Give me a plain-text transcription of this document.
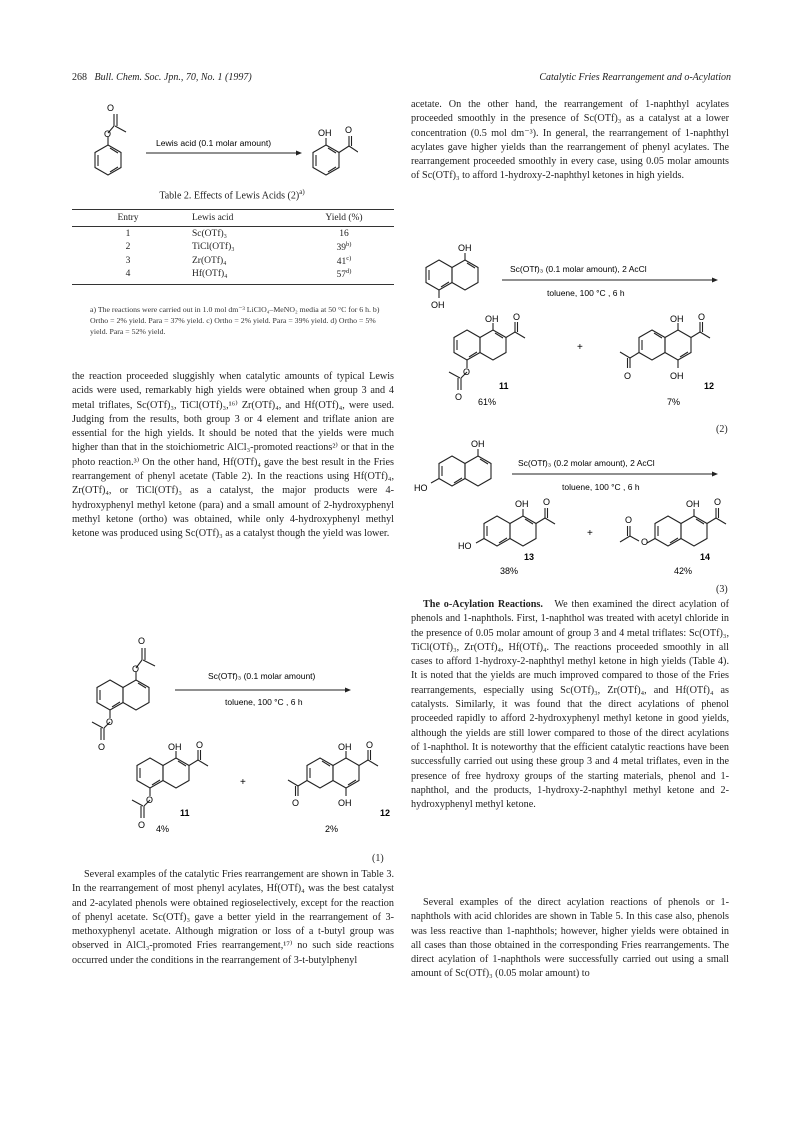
268 Bull. Chem. Soc. Jpn., 70, No. 1 (1997)	Catalytic Fries Rearrangement and o-Acylation
O
O
Lewis acid (0.1 molar amount)
OH O
Table 2. Effects of Lewis Acids $(2)^{a)}$
Entry	Lewis acid	Yield (%)
1	Sc(OTf)₃	16
2	TiCl(OTf)₃	39$^{b)}$
3	Zr(OTf)₄	41$^{c)}$
4	Hf(OTf)₄	57$^{d)}$
a) The reactions were carried out in 1.0 mol dm⁻³ LiClO₄–MeNO₂ media at 50 °C for 6 h. b) Ortho = 2% yield. Para = 37% yield. c) Ortho = 2% yield. Para = 39% yield. d) Ortho = 5% yield. Para = 52% yield.

the reaction proceeded sluggishly when catalytic amounts of typical Lewis acids were used, remarkably high yields were obtained when group 3 and 4 metal triflates, Sc(OTf)₃, TiCl(OTf)₃,¹⁶⁾ Zr(OTf)₄, and Hf(OTf)₄, were used. Judging from the results, both group 3 or 4 element and triflate anion are essential for the high yields. It should be noted that the yields were much higher than that in the stoichiometric AlCl₃-promoted reactions²⁾ or that in the photo reaction.³⁾ On the other hand, Hf(OTf)₄ gave the best result in the Fries rearrangement of phenyl acetate (Table 2). In the reactions using Hf(OTf)₄, Zr(OTf)₄, or TiCl(OTf)₃ as a catalyst, the major products were 4-hydroxyphenyl methyl ketone (para) and a small amount of 2-hydroxyphenyl methyl ketone (ortho) was obtained, while only 4-hydroxyphenyl methyl ketone was produced using Sc(OTf)₃ as a catalyst though the yield was lower.

O
O
O
O
Sc(OTf)₃ (0.1 molar amount)
toluene, 100 °C , 6 h
OH O
O
O
11
4%
+
OH O
O	OH
12
2%
(1)

Several examples of the catalytic Fries rearrangement are shown in Table 3. In the rearrangement of most phenyl acylates, Hf(OTf)₄ was the best catalyst and 2-acylated phenols were obtained regioselectively, except for the reaction of phenyl acetate. Sc(OTf)₃ gave a better yield in the rearrangement of 3-methoxyphenyl acetate. Although migration or loss of a t-butyl group was observed in AlCl₃-promoted Fries rearrangement,¹⁷⁾ no such side reactions occurred under the conditions in the rearrangement of 3-t-butylphenyl

acetate. On the other hand, the rearrangement of 1-naphthyl acylates proceeded smoothly in the presence of Sc(OTf)₃ as a catalyst at a lower concentration (0.5 mol dm⁻³). In general, the rearrangement of 1-naphthyl acylates gave higher yields than the rearrangement of phenyl acylates. The rearrangement proceeded smoothly in every case, using 0.05 molar amounts of Sc(OTf)₃ to afford 1-hydroxy-2-naphthyl ketones in high yields.

OH
OH
Sc(OTf)₃ (0.1 molar amount), 2 AcCl
toluene, 100 °C , 6 h
OH O
O
O
11
61%
+
OH O
O	OH
12
7%
(2)
OH
HO
Sc(OTf)₃ (0.2 molar amount), 2 AcCl
toluene, 100 °C , 6 h
OH O
HO
13
38%
+
OH O
O
O
14
42%
(3)

The o-Acylation Reactions. We then examined the direct acylation of phenols and 1-naphthols. First, 1-naphthol was treated with acetyl chloride in the presence of 0.05 molar amount of group 3 and 4 metal triflates: Sc(OTf)₃, TiCl(OTf)₃, Zr(OTf)₄, Hf(OTf)₄. The reactions proceeded smoothly in all cases to afford 1-hydroxy-2-naphthyl methyl ketone in high yields (Table 4). It is noted that the yields are much improved compared to those of the Fries rearrangements, especially using Sc(OTf)₃, Zr(OTf)₄, and Hf(OTf)₄ as catalysts. Similarly, it was found that the direct acylations of phenol proceeded rapidly to afford 2-hydroxyphenyl methyl ketone in good yields, although the yields are still lower compared to those of the direct acylations of 1-naphthol. It is noteworthy that the efficient catalytic reactions have been successfully carried out using these group 3 and 4 metal triflates, even in the presence of free hydroxy groups of the starting materials, phenol and 1-naphthol, and the products, 1-hydroxy-2-naphthyl methyl ketone and 2-hydroxyphenyl methyl ketone.

Several examples of the direct acylation reactions of phenols or 1-naphthols with acid chlorides are shown in Table 5. In this case also, phenols was less reactive than 1-naphthols; however, higher yields were obtained in all cases than those obtained in the corresponding Fries rearrangements. The direct acylation of 1-naphthols were successfully carried out using a small amount of Sc(OTf)₃ (0.05 molar amount) to
